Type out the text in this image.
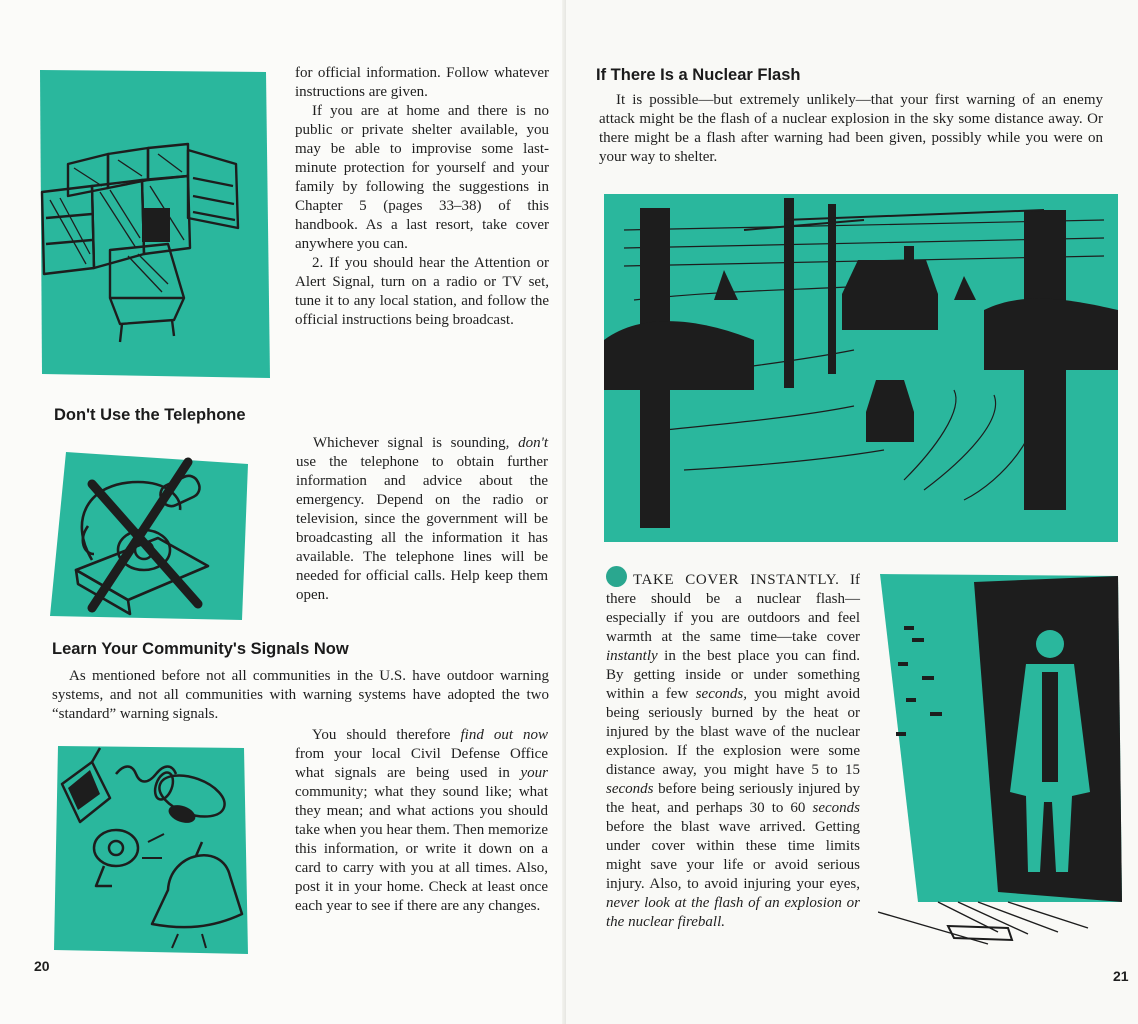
for official information. Follow whatever instructions are given.

If you are at home and there is no public or private shelter available, you may be able to improvise some last-minute protection for yourself and your family by following the suggestions in Chapter 5 (pages 33–38) of this handbook. As a last resort, take cover anywhere you can.

2. If you should hear the Attention or Alert Signal, turn on a radio or TV set, tune it to any local station, and follow the official instructions being broadcast.

Don't Use the Telephone

Whichever signal is sounding, don't use the telephone to obtain further information and advice about the emergency. Depend on the radio or television, since the government will be broadcasting all the information it has available. The telephone lines will be needed for official calls. Help keep them open.

Learn Your Community's Signals Now

As mentioned before not all communities in the U.S. have outdoor warning systems, and not all communities with warning systems have adopted the two “standard” warning signals.

You should therefore find out now from your local Civil Defense Office what signals are being used in your community; what they sound like; what they mean; and what actions you should take when you hear them. Then memorize this information, or write it down on a card to carry with you at all times. Also, post it in your home. Check at least once each year to see if there are any changes.

20
If There Is a Nuclear Flash

It is possible—but extremely unlikely—that your first warning of an enemy attack might be the flash of a nuclear explosion in the sky some distance away. Or there might be a flash after warning had been given, possibly while you were on your way to shelter.

TAKE COVER INSTANTLY. If there should be a nuclear flash—especially if you are outdoors and feel warmth at the same time—take cover instantly in the best place you can find. By getting inside or under something within a few seconds, you might avoid being seriously burned by the heat or injured by the blast wave of the nuclear explosion. If the explosion were some distance away, you might have 5 to 15 seconds before being seriously injured by the heat, and perhaps 30 to 60 seconds before the blast wave arrived. Getting under cover within these time limits might save your life or avoid serious injury. Also, to avoid injuring your eyes, never look at the flash of an explosion or the nuclear fireball.

21
